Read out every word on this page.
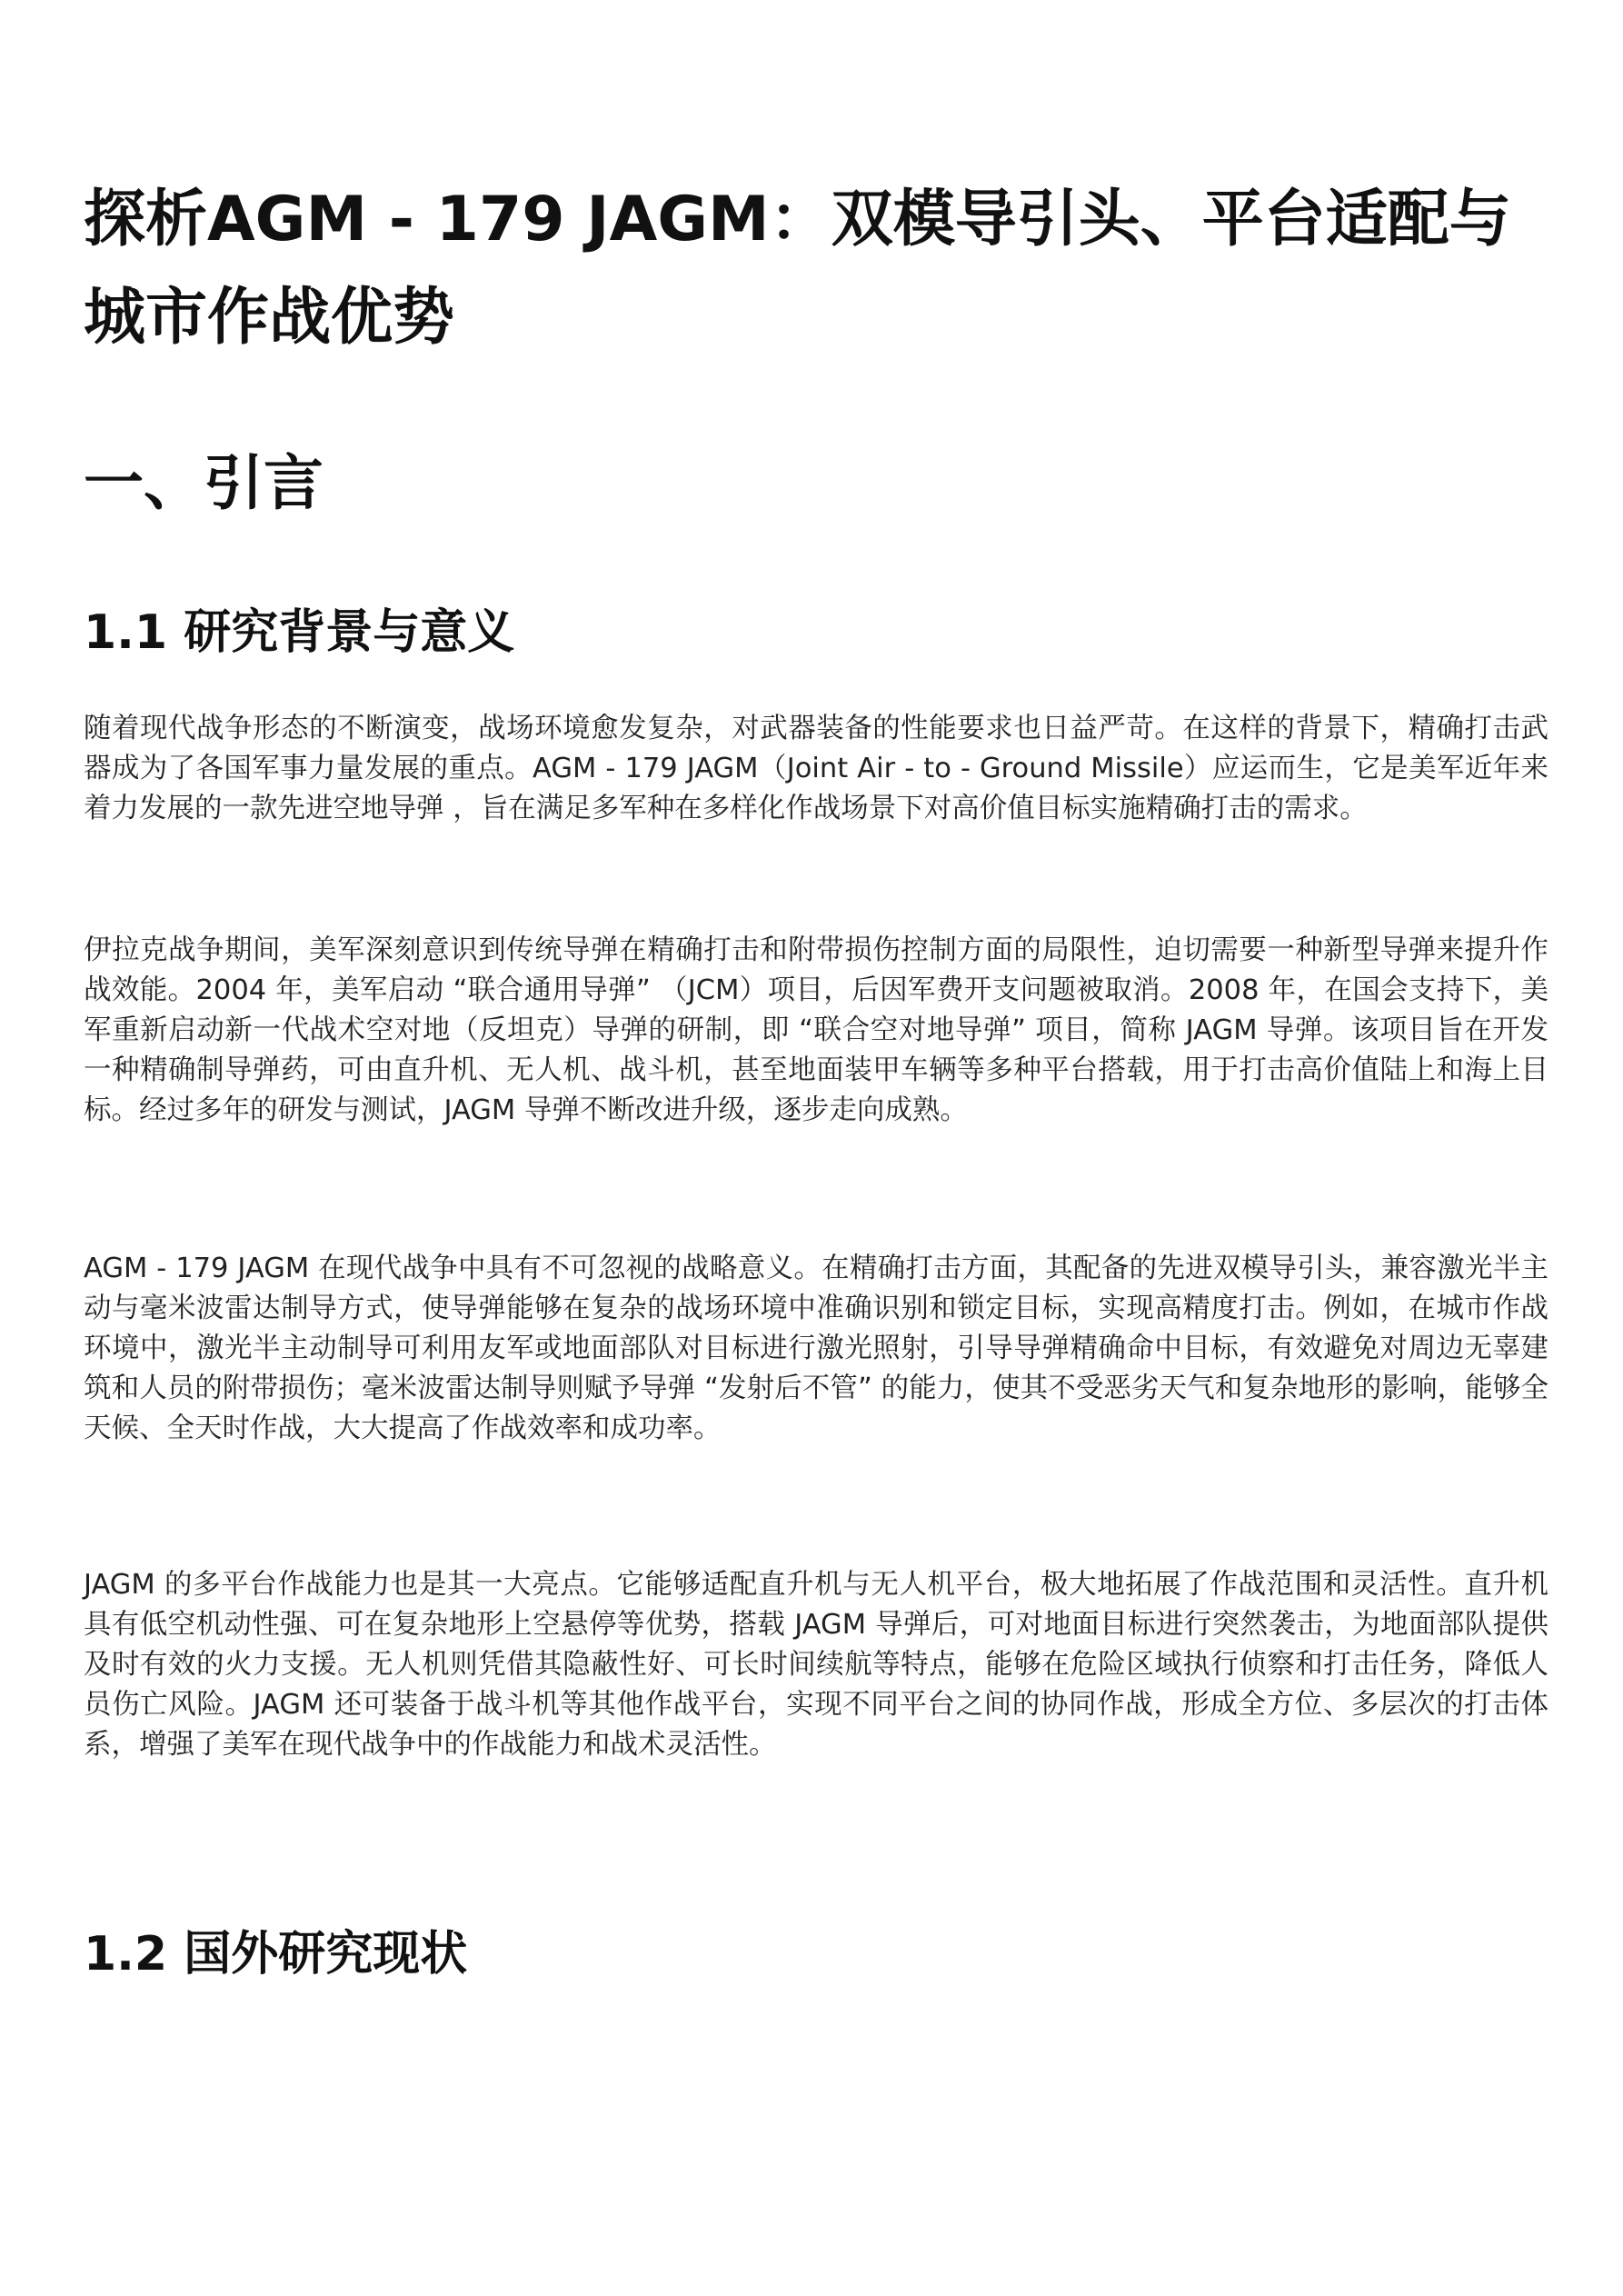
探析AGM - 179 JAGM：双模导引头、平台适配与城市作战优势
一、引言
1.1 研究背景与意义

随着现代战争形态的不断演变，战场环境愈发复杂，对武器装备的性能要求也日益严苛。在这样的背景下，精确打击武器成为了各国军事力量发展的重点。AGM - 179 JAGM（Joint Air - to - Ground Missile）应运而生，它是美军近年来着力发展的一款先进空地导弹 ，旨在满足多军种在多样化作战场景下对高价值目标实施精确打击的需求。

伊拉克战争期间，美军深刻意识到传统导弹在精确打击和附带损伤控制方面的局限性，迫切需要一种新型导弹来提升作战效能。2004 年，美军启动 “联合通用导弹” （JCM）项目，后因军费开支问题被取消。2008 年，在国会支持下，美军重新启动新一代战术空对地（反坦克）导弹的研制，即 “联合空对地导弹” 项目，简称 JAGM 导弹。该项目旨在开发一种精确制导弹药，可由直升机、无人机、战斗机，甚至地面装甲车辆等多种平台搭载，用于打击高价值陆上和海上目标。经过多年的研发与测试，JAGM 导弹不断改进升级，逐步走向成熟。

AGM - 179 JAGM 在现代战争中具有不可忽视的战略意义。在精确打击方面，其配备的先进双模导引头，兼容激光半主动与毫米波雷达制导方式，使导弹能够在复杂的战场环境中准确识别和锁定目标，实现高精度打击。例如，在城市作战环境中，激光半主动制导可利用友军或地面部队对目标进行激光照射，引导导弹精确命中目标，有效避免对周边无辜建筑和人员的附带损伤；毫米波雷达制导则赋予导弹 “发射后不管” 的能力，使其不受恶劣天气和复杂地形的影响，能够全天候、全天时作战，大大提高了作战效率和成功率。

JAGM 的多平台作战能力也是其一大亮点。它能够适配直升机与无人机平台，极大地拓展了作战范围和灵活性。直升机具有低空机动性强、可在复杂地形上空悬停等优势，搭载 JAGM 导弹后，可对地面目标进行突然袭击，为地面部队提供及时有效的火力支援。无人机则凭借其隐蔽性好、可长时间续航等特点，能够在危险区域执行侦察和打击任务，降低人员伤亡风险。JAGM 还可装备于战斗机等其他作战平台，实现不同平台之间的协同作战，形成全方位、多层次的打击体系，增强了美军在现代战争中的作战能力和战术灵活性。

1.2 国外研究现状
